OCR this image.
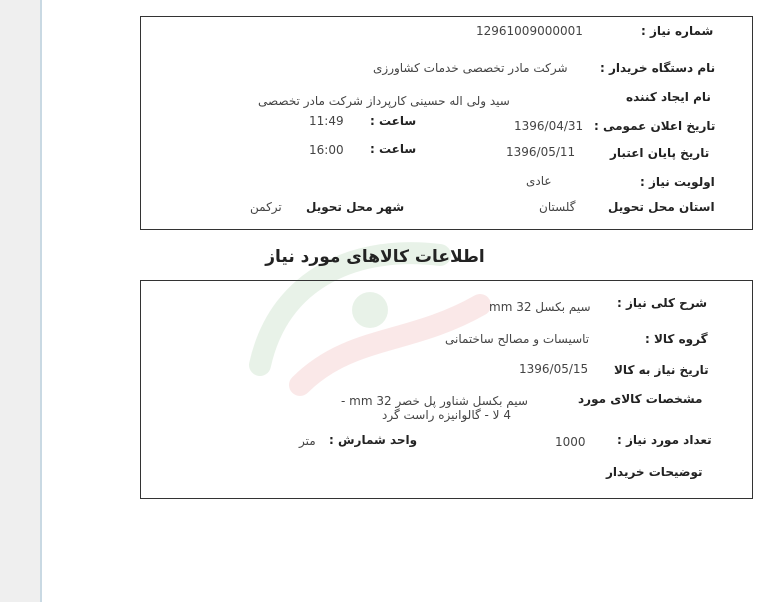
شماره نیاز :
12961009000001
نام دستگاه خریدار :
شرکت مادر تخصصی خدمات کشاورزی
نام ایجاد کننده
سید ولی اله حسینی کارپرداز شرکت مادر تخصصی
تاریخ اعلان عمومی :
1396/04/31
ساعت :
11:49
تاریخ پایان اعتبار
1396/05/11
ساعت :
16:00
اولویت نیاز :
عادی
استان محل تحویل
گلستان
شهر محل تحویل
ترکمن
اطلاعات کالاهای مورد نیاز
شرح کلی نیاز :
سیم بکسل mm 32
گروه کالا :
تاسیسات و مصالح ساختمانی
تاریخ نیاز به کالا
1396/05/15
مشخصات کالای مورد
سیم بکسل شناور پل خصر mm 32 -
4 لا - گالوانیزه راست گرد
تعداد مورد نیاز :
1000
واحد شمارش :
متر
توضیحات خریدار
